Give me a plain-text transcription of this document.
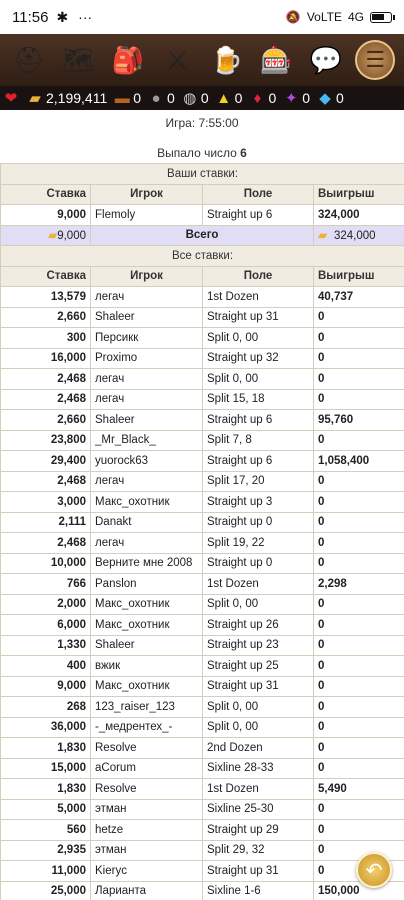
11:56 ✱ ···	🔕 VoLTE 4G
⛑ 🗺 🎒 ⚔ 🍺 🎰 💬 ☰
❤ ▰ 2,199,411 ▬ 0 ● 0 ◍ 0 ▲ 0 ♦ 0 ✦ 0 ◆ 0
Игра: 7:55:00
Выпало число 6
Ваши ставки:			
Ставка	Игрок	Поле	Выигрыш
9,000	Flemoly	Straight up 6	324,000
▰9,000	Всего		▰ 324,000
Все ставки:			
Ставка	Игрок	Поле	Выигрыш
13,579	легач	1st Dozen	40,737
2,660	Shaleer	Straight up 31	0
300	Персикк	Split 0, 00	0
16,000	Proximo	Straight up 32	0
2,468	легач	Split 0, 00	0
2,468	легач	Split 15, 18	0
2,660	Shaleer	Straight up 6	95,760
23,800	_Mr_Black_	Split 7, 8	0
29,400	yuorock63	Straight up 6	1,058,400
2,468	легач	Split 17, 20	0
3,000	Макс_охотник	Straight up 3	0
2,111	Danakt	Straight up 0	0
2,468	легач	Split 19, 22	0
10,000	Верните мне 2008	Straight up 0	0
766	Panslon	1st Dozen	2,298
2,000	Макс_охотник	Split 0, 00	0
6,000	Макс_охотник	Straight up 26	0
1,330	Shaleer	Straight up 23	0
400	вжик	Straight up 25	0
9,000	Макс_охотник	Straight up 31	0
268	123_raiser_123	Split 0, 00	0
36,000	-_медрентех_-	Split 0, 00	0
1,830	Resolve	2nd Dozen	0
15,000	aCorum	Sixline 28-33	0
1,830	Resolve	1st Dozen	5,490
5,000	этман	Sixline 25-30	0
560	hetze	Straight up 29	0
2,935	этман	Split 29, 32	0
11,000	Kieryc	Straight up 31	0
25,000	Ларианта	Sixline 1-6	150,000
↶
